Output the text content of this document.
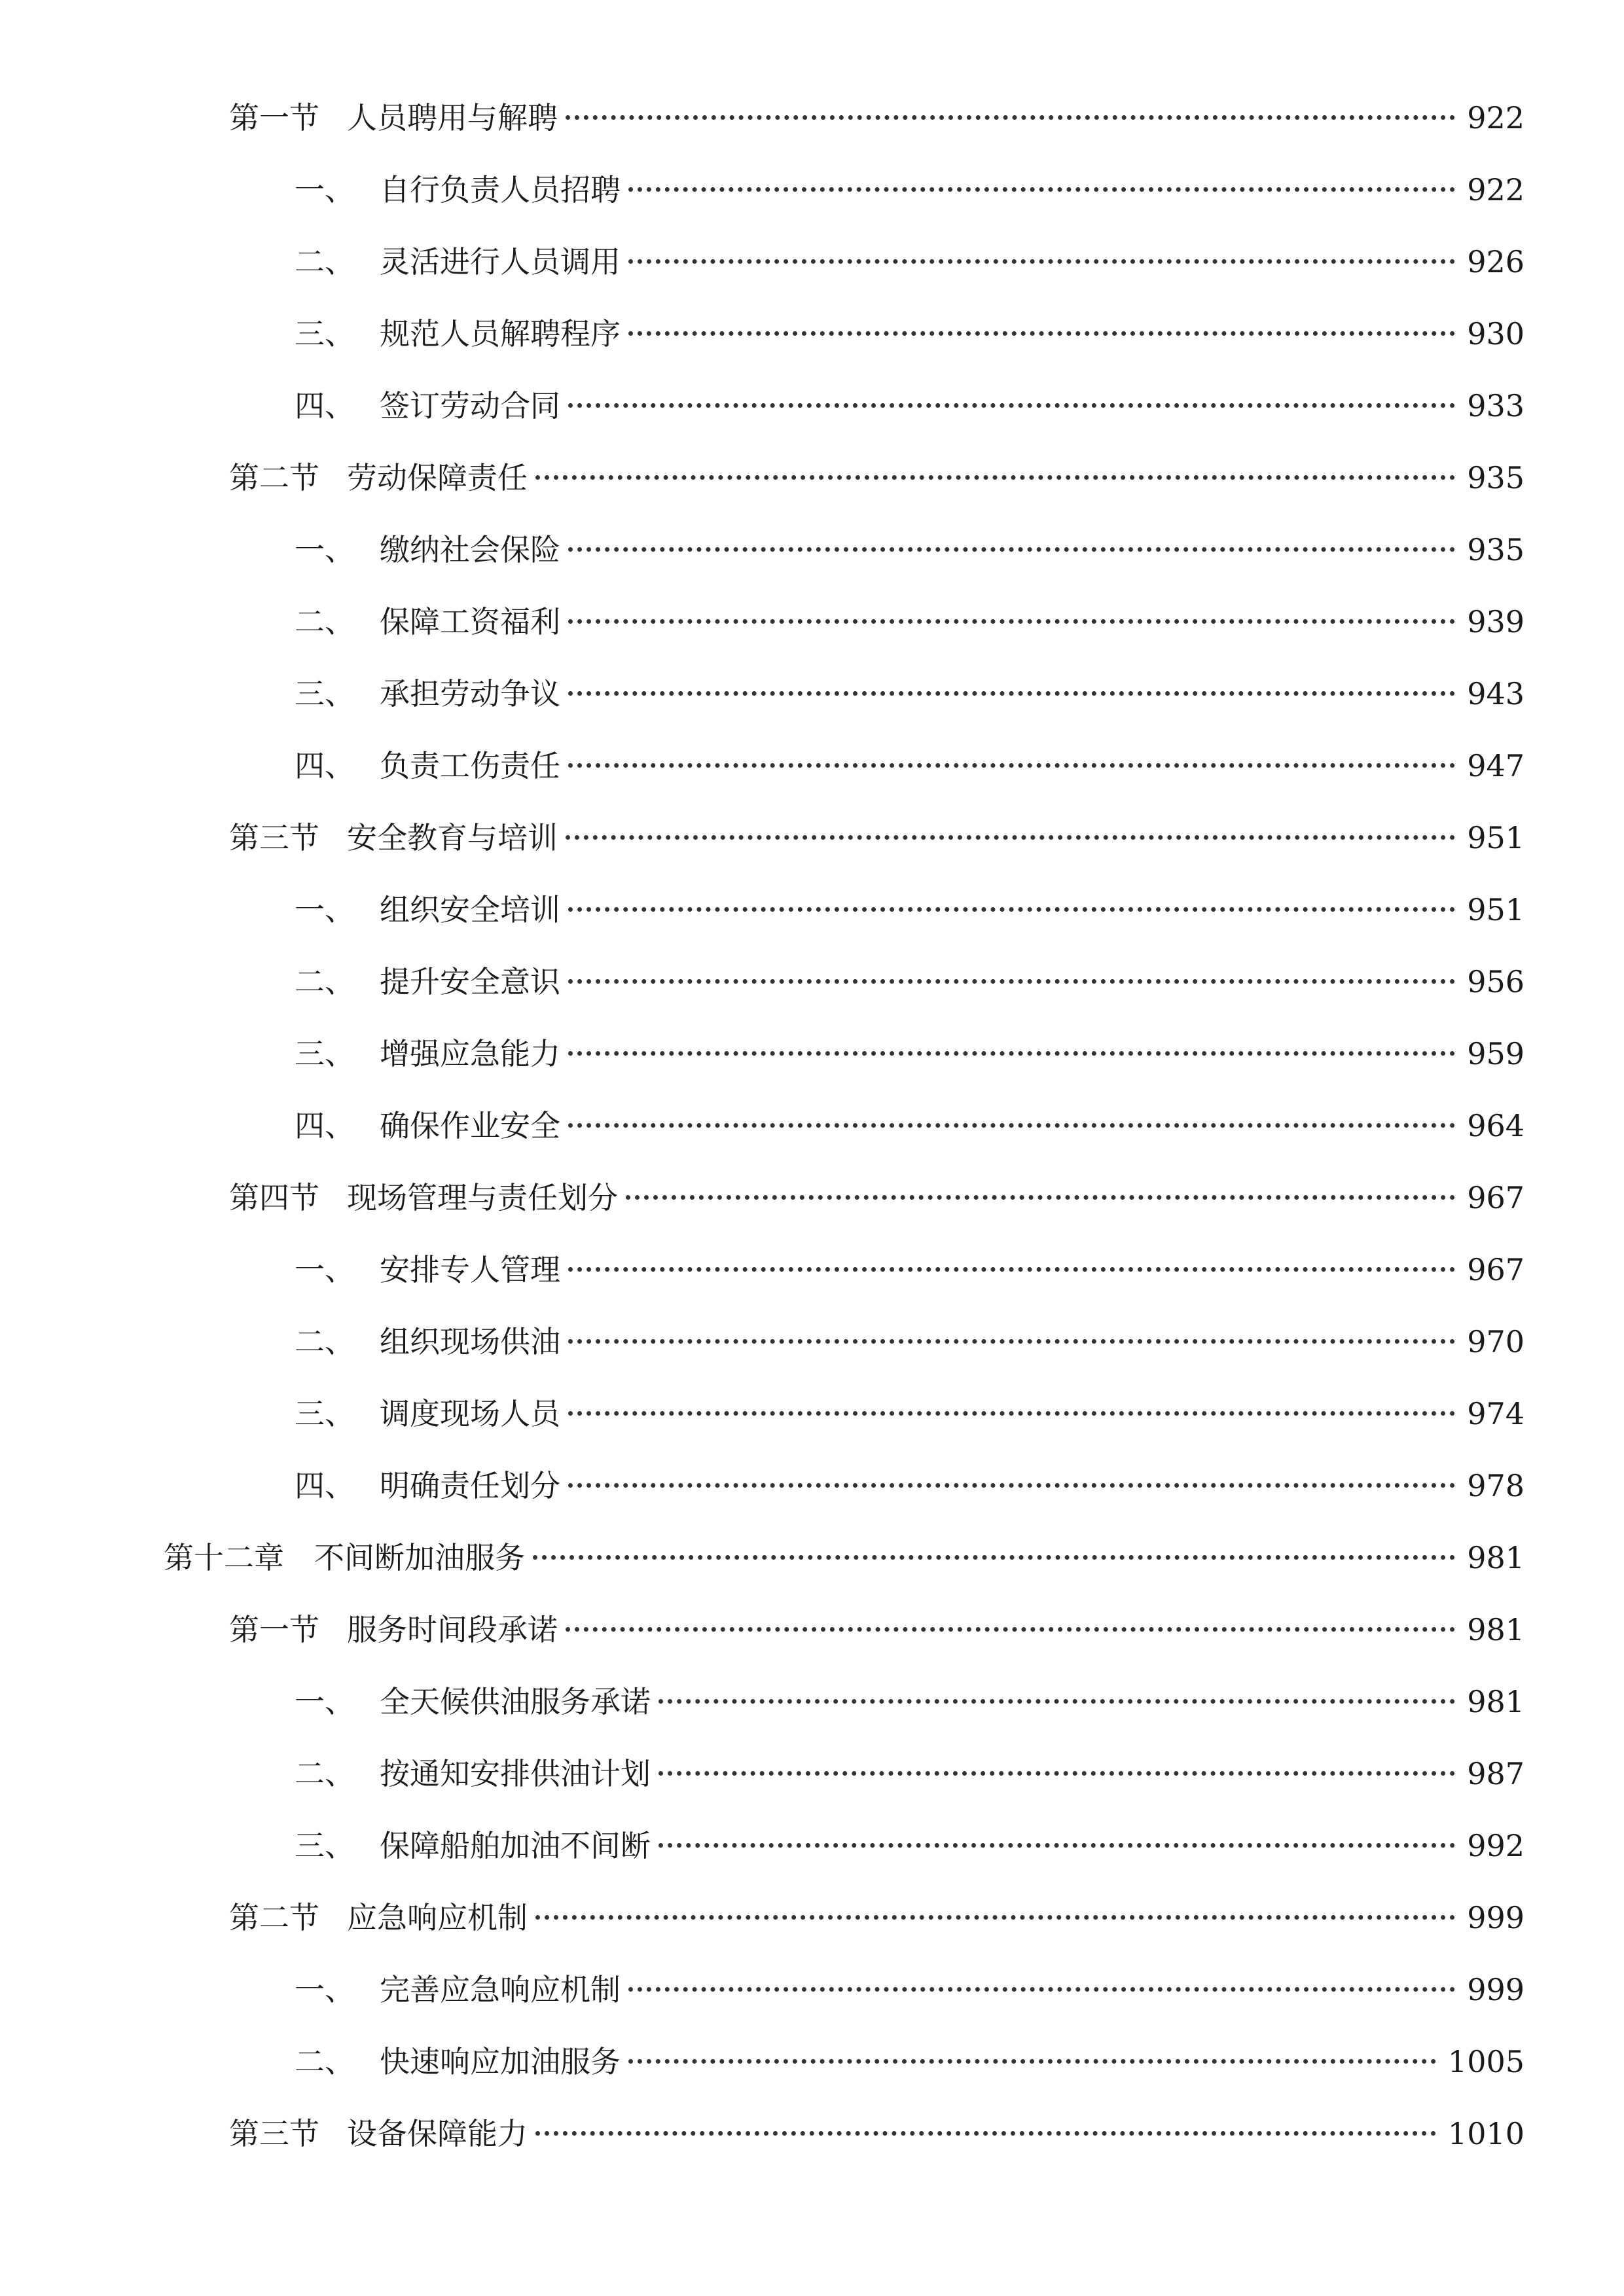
第一节 人员聘用与解聘	922
一、 自行负责人员招聘	922
二、 灵活进行人员调用	926
三、 规范人员解聘程序	930
四、 签订劳动合同	933
第二节 劳动保障责任	935
一、 缴纳社会保险	935
二、 保障工资福利	939
三、 承担劳动争议	943
四、 负责工伤责任	947
第三节 安全教育与培训	951
一、 组织安全培训	951
二、 提升安全意识	956
三、 增强应急能力	959
四、 确保作业安全	964
第四节 现场管理与责任划分	967
一、 安排专人管理	967
二、 组织现场供油	970
三、 调度现场人员	974
四、 明确责任划分	978
第十二章	不间断加油服务	981
第一节 服务时间段承诺	981
一、 全天候供油服务承诺	981
二、 按通知安排供油计划	987
三、 保障船舶加油不间断	992
第二节 应急响应机制	999
一、 完善应急响应机制	999
二、 快速响应加油服务	1005
第三节 设备保障能力	1010
